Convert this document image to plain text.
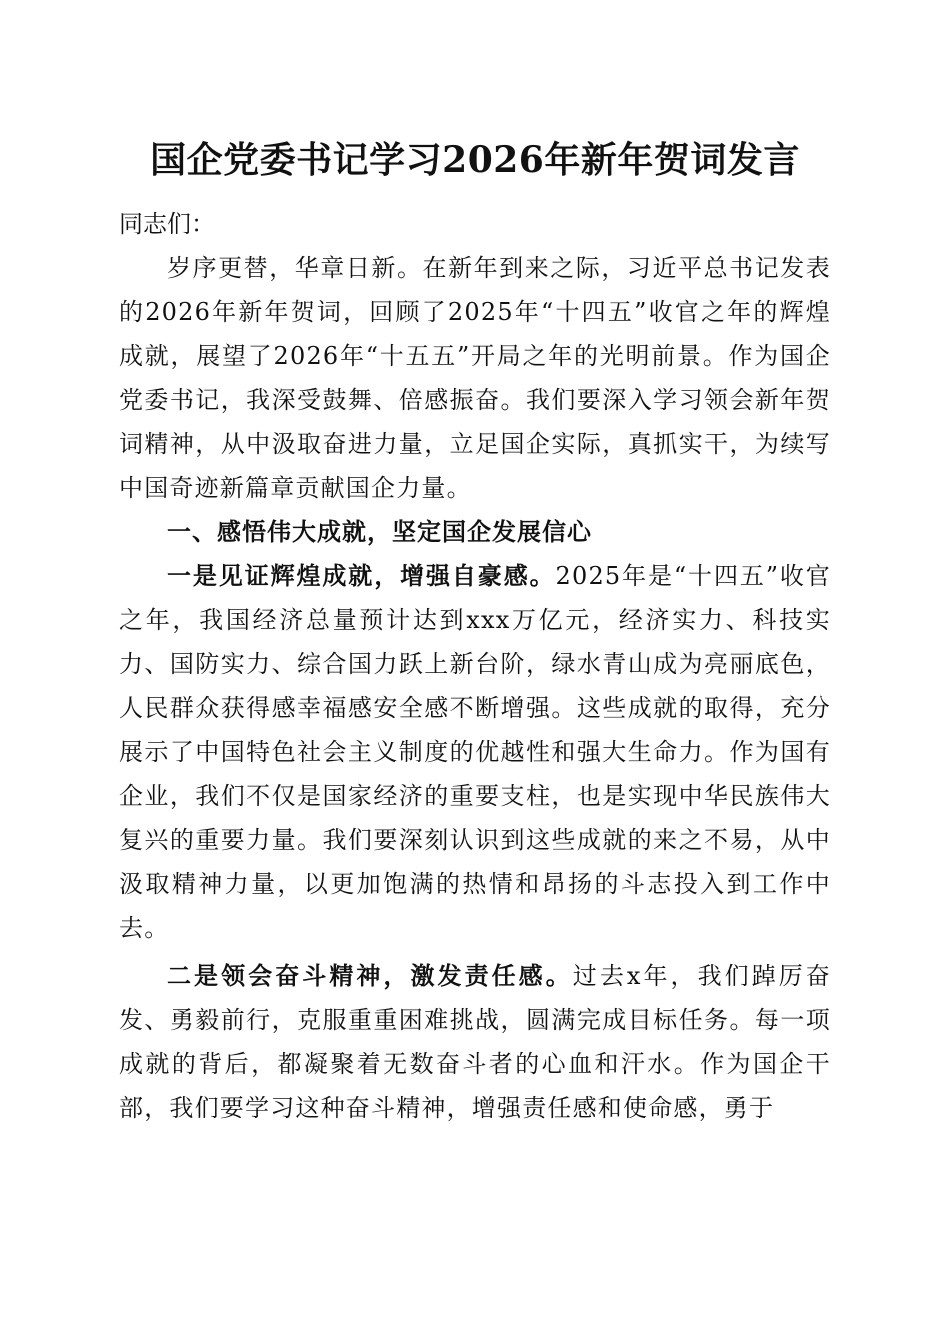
国企党委书记学习2026年新年贺词发言

同志们：

岁序更替，华章日新。在新年到来之际，习近平总书记发表的2026年新年贺词，回顾了2025年“十四五”收官之年的辉煌成就，展望了2026年“十五五”开局之年的光明前景。作为国企党委书记，我深受鼓舞、倍感振奋。我们要深入学习领会新年贺词精神，从中汲取奋进力量，立足国企实际，真抓实干，为续写中国奇迹新篇章贡献国企力量。

一、感悟伟大成就，坚定国企发展信心

一是见证辉煌成就，增强自豪感。2025年是“十四五”收官之年，我国经济总量预计达到xxx万亿元，经济实力、科技实力、国防实力、综合国力跃上新台阶，绿水青山成为亮丽底色，人民群众获得感幸福感安全感不断增强。这些成就的取得，充分展示了中国特色社会主义制度的优越性和强大生命力。作为国有企业，我们不仅是国家经济的重要支柱，也是实现中华民族伟大复兴的重要力量。我们要深刻认识到这些成就的来之不易，从中汲取精神力量，以更加饱满的热情和昂扬的斗志投入到工作中去。

二是领会奋斗精神，激发责任感。过去x年，我们踔厉奋发、勇毅前行，克服重重困难挑战，圆满完成目标任务。每一项成就的背后，都凝聚着无数奋斗者的心血和汗水。作为国企干部，我们要学习这种奋斗精神，增强责任感和使命感，勇于
